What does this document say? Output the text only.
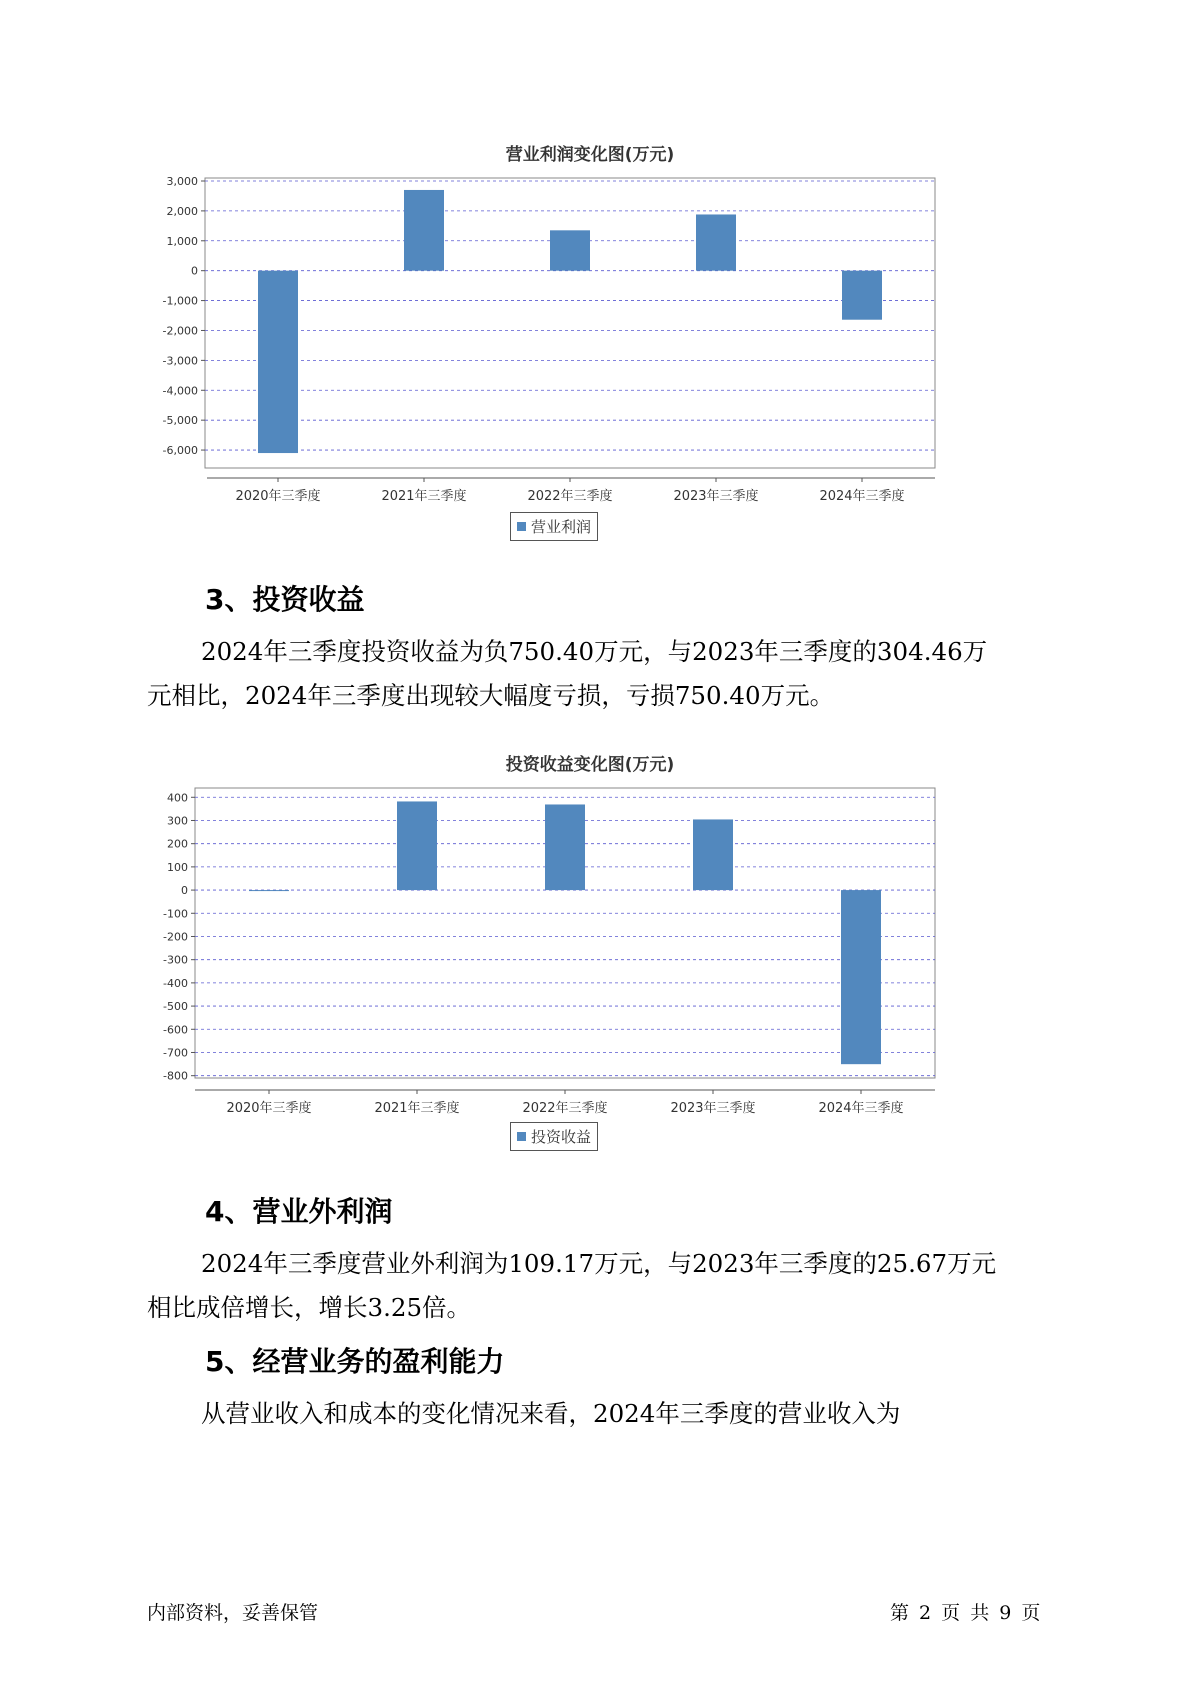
营业利润变化图(万元)
3,000
2,000
1,000
0
-1,000
-2,000
-3,000
-4,000
-5,000
-6,000
2020年三季度	2021年三季度	2022年三季度	2023年三季度	2024年三季度
营业利润
3、投资收益
2024年三季度投资收益为负750.40万元，与2023年三季度的304.46万
元相比，2024年三季度出现较大幅度亏损，亏损750.40万元。
投资收益变化图(万元)
400
300
200
100
0
-100
-200
-300
-400
-500
-600
-700
-800
2020年三季度	2021年三季度	2022年三季度	2023年三季度	2024年三季度
投资收益
4、营业外利润
2024年三季度营业外利润为109.17万元，与2023年三季度的25.67万元
相比成倍增长，增长3.25倍。
5、经营业务的盈利能力
从营业收入和成本的变化情况来看，2024年三季度的营业收入为
内部资料，妥善保管	第 2 页 共 9 页
